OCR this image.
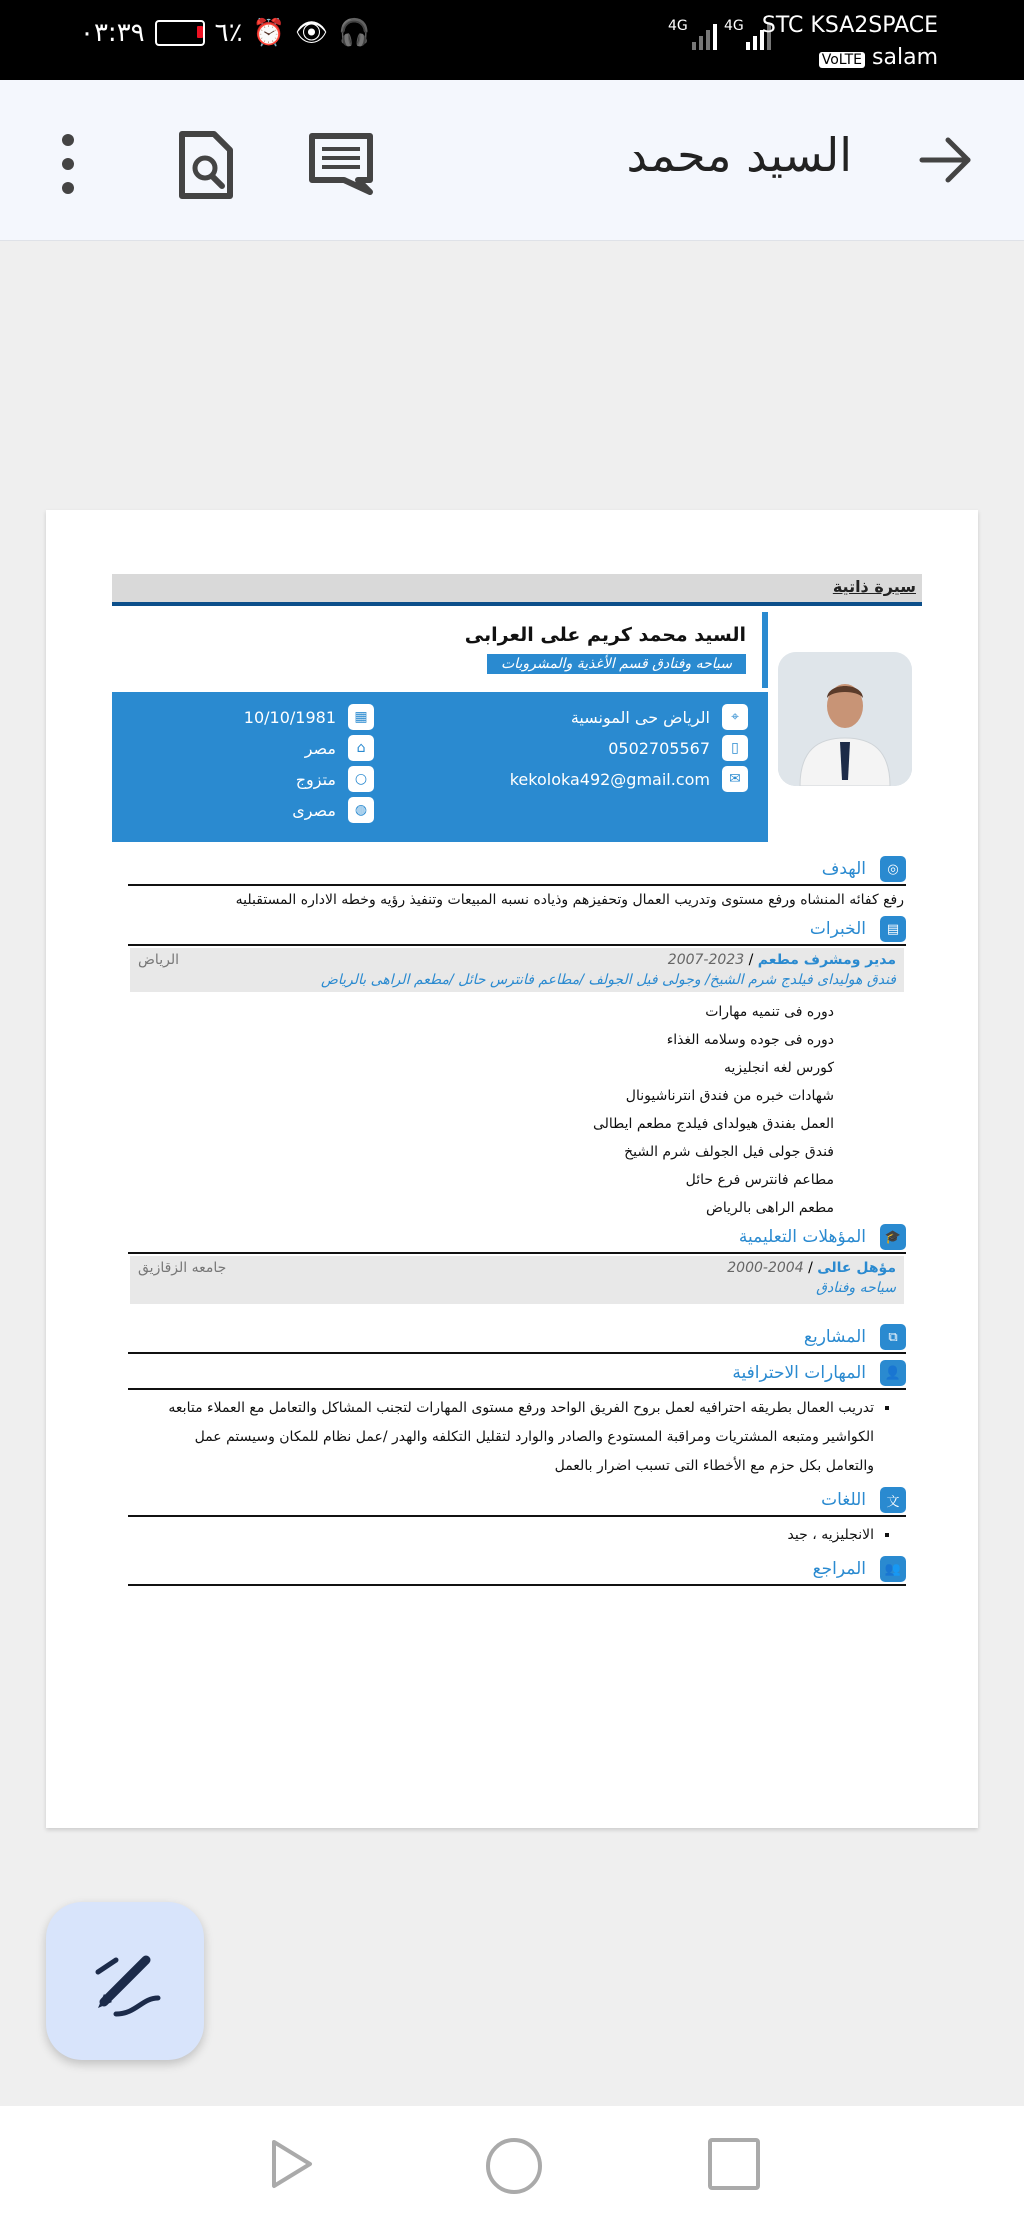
٠٣:٣٩	٦٪ ⏰ 👁 🎧	4G	4G STC KSA2SPACE
VoLTE salam
السيد محمد
سيرة ذاتية
السيد محمد كريم على العرابى
سياحه وفنادق قسم الأغذية والمشروبات
⌖
الرياض حى المونسية
▯
0502705567
✉
kekoloka492@gmail.com
▦
10/10/1981
⌂
مصر
○
متزوج
◍
مصرى
الهدف	◎
رفع كفائه المنشاه ورفع مستوى وتدريب العمال وتحفيزهم وذياده نسبه المبيعات وتنفيذ رؤيه وخطه الاداره المستقبليه
الخبرات	▤
مدير ومشرف مطعم / 2023-2007
الرياض
فندق هوليداى فيلدج شرم الشيخ/ وجولى فيل الجولف /مطاعم فانترس حائل /مطعم الراهى بالرياض
دوره فى تنميه مهارات
دوره فى جوده وسلامه الغذاء
كورس لغه انجليزيه
شهادات خبره من فندق انترناشيونال
العمل بفندق هيولداى فيلدج مطعم ايطالى
فندق جولى فيل الجولف شرم الشيخ
مطاعم فانترس فرع حائل
مطعم الراهى بالرياض
المؤهلات التعليمية	🎓
مؤهل عالى / 2004-2000
جامعه الزقازيق
سياحه وفنادق
المشاريع	⧉
المهارات الاحترافية	👤
▪ تدريب العمال بطريقه احترافيه لعمل بروح الفريق الواحد ورفع مستوى المهارات لتجنب المشاكل والتعامل مع العملاء متابعه الكواشير ومتبعه المشتريات ومراقبة المستودع والصادر والوارد لتقليل التكلفه والهدر /عمل نظام للمكان وسيستم عمل والتعامل بكل حزم مع الأخطاء التى تسبب اضرار بالعمل
اللغات	文
▪ الانجليزيه ، جيد
المراجع	👥
